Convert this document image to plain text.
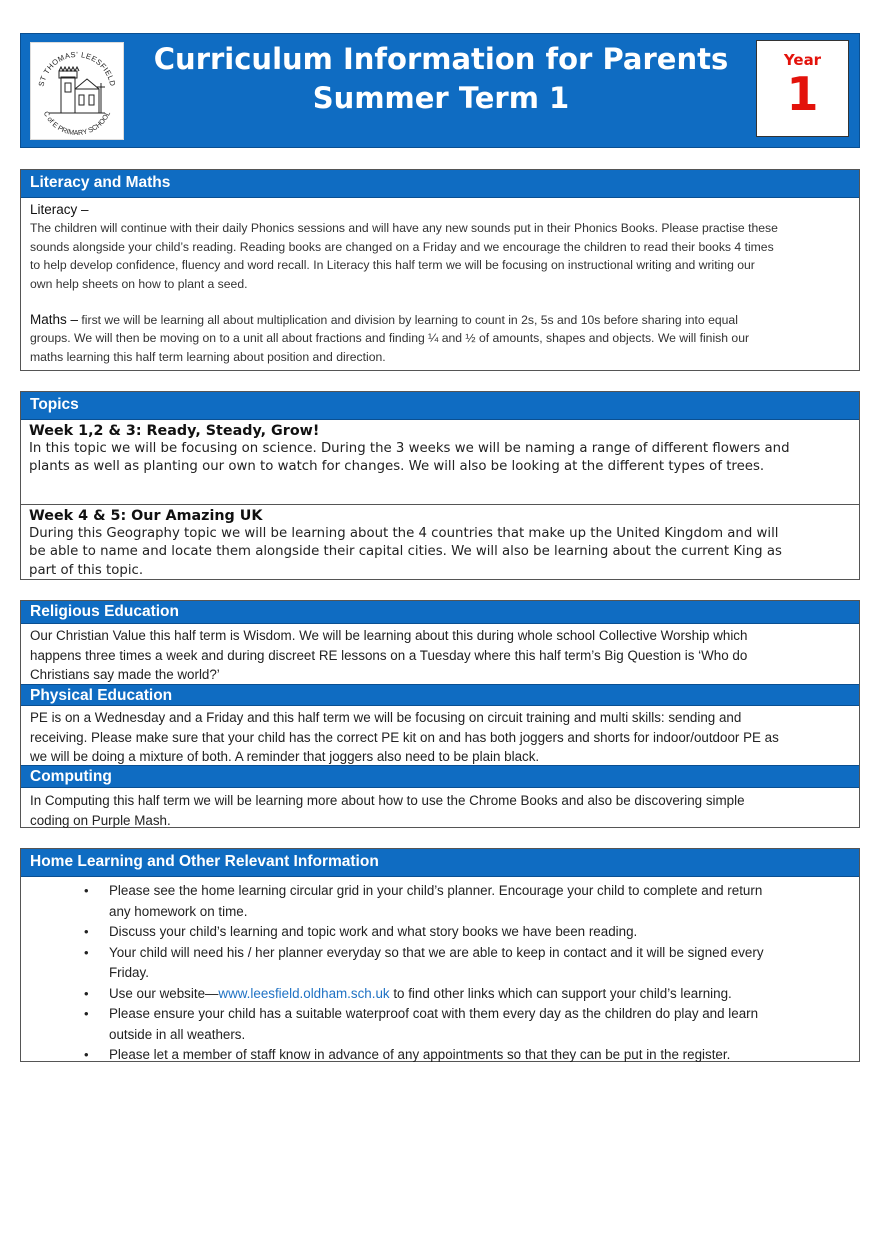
ST THOMAS' LEESFIELD
C of E PRIMARY SCHOOL
Curriculum Information for Parents
Summer Term 1
Year
1
Literacy and Maths
Literacy –
The children will continue with their daily Phonics sessions and will have any new sounds put in their Phonics Books. Please practise these
sounds alongside your child’s reading. Reading books are changed on a Friday and we encourage the children to read their books 4 times
to help develop confidence, fluency and word recall. In Literacy this half term we will be focusing on instructional writing and writing our
own help sheets on how to plant a seed.
Maths – first we will be learning all about multiplication and division by learning to count in 2s, 5s and 10s before sharing into equal
groups. We will then be moving on to a unit all about fractions and finding ¼ and ½ of amounts, shapes and objects. We will finish our
maths learning this half term learning about position and direction.
Topics
Week 1,2 & 3: Ready, Steady, Grow!
In this topic we will be focusing on science. During the 3 weeks we will be naming a range of different flowers and
plants as well as planting our own to watch for changes. We will also be looking at the different types of trees.
Week 4 & 5: Our Amazing UK
During this Geography topic we will be learning about the 4 countries that make up the United Kingdom and will
be able to name and locate them alongside their capital cities. We will also be learning about the current King as
part of this topic.
Religious Education
Our Christian Value this half term is Wisdom. We will be learning about this during whole school Collective Worship which
happens three times a week and during discreet RE lessons on a Tuesday where this half term’s Big Question is ‘Who do
Christians say made the world?’
Physical Education
PE is on a Wednesday and a Friday and this half term we will be focusing on circuit training and multi skills: sending and
receiving. Please make sure that your child has the correct PE kit on and has both joggers and shorts for indoor/outdoor PE as
we will be doing a mixture of both. A reminder that joggers also need to be plain black.
Computing
In Computing this half term we will be learning more about how to use the Chrome Books and also be discovering simple
coding on Purple Mash.
Home Learning and Other Relevant Information
• Please see the home learning circular grid in your child’s planner. Encourage your child to complete and return
any homework on time.
• Discuss your child’s learning and topic work and what story books we have been reading.
• Your child will need his / her planner everyday so that we are able to keep in contact and it will be signed every
Friday.
• Use our website—www.leesfield.oldham.sch.uk to find other links which can support your child’s learning.
• Please ensure your child has a suitable waterproof coat with them every day as the children do play and learn
outside in all weathers.
• Please let a member of staff know in advance of any appointments so that they can be put in the register.
